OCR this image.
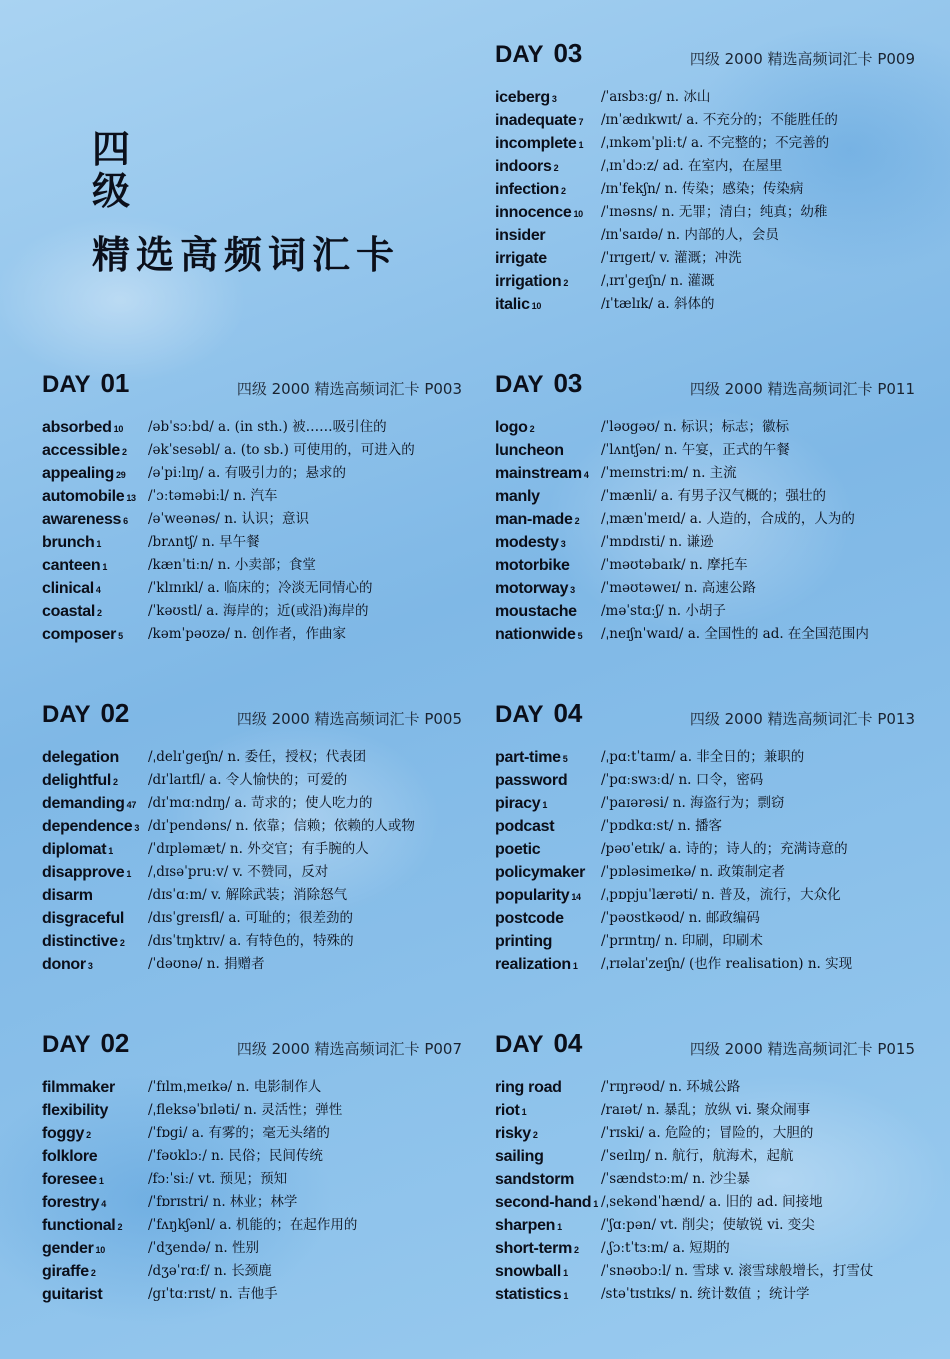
四
级
精选高频词汇卡
DAY 03	四级 2000 精选高频词汇卡 P009
iceberg 3	/ˈaɪsbɜːg/ n. 冰山
inadequate 7	/ɪnˈædɪkwɪt/ a. 不充分的；不能胜任的
incomplete 1	/ˌɪnkəmˈpliːt/ a. 不完整的；不完善的
indoors 2	/ˌɪnˈdɔːz/ ad. 在室内，在屋里
infection 2	/ɪnˈfekʃn/ n. 传染；感染；传染病
innocence 10	/ˈɪnəsns/ n. 无罪；清白；纯真；幼稚
insider	/ɪnˈsaɪdə/ n. 内部的人，会员
irrigate	/ˈɪrɪgeɪt/ v. 灌溉；冲洗
irrigation 2	/ˌɪrɪˈgeɪʃn/ n. 灌溉
italic 10	/ɪˈtælɪk/ a. 斜体的
DAY 01	四级 2000 精选高频词汇卡 P003
absorbed 10	/əbˈsɔːbd/ a. (in sth.) 被……吸引住的
accessible 2	/əkˈsesəbl/ a. (to sb.) 可使用的，可进入的
appealing 29	/əˈpiːlɪŋ/ a. 有吸引力的；悬求的
automobile 13 /ˈɔːtəməbiːl/ n. 汽车
awareness 6	/əˈweənəs/ n. 认识；意识
brunch 1	/brʌntʃ/ n. 早午餐
canteen 1	/kænˈtiːn/ n. 小卖部；食堂
clinical 4	/ˈklɪnɪkl/ a. 临床的；冷淡无同情心的
coastal 2	/ˈkəʊstl/ a. 海岸的；近(或沿)海岸的
composer 5	/kəmˈpəʊzə/ n. 创作者，作曲家
DAY 03	四级 2000 精选高频词汇卡 P011
logo 2	/ˈləʊgəʊ/ n. 标识；标志；徽标
luncheon	/ˈlʌntʃən/ n. 午宴，正式的午餐
mainstream 4 /ˈmeɪnstriːm/ n. 主流
manly	/ˈmænli/ a. 有男子汉气概的；强壮的
man-made 2	/ˌmænˈmeɪd/ a. 人造的，合成的，人为的
modesty 3	/ˈmɒdɪsti/ n. 谦逊
motorbike	/ˈməʊtəbaɪk/ n. 摩托车
motorway 3	/ˈməʊtəweɪ/ n. 高速公路
moustache	/məˈstɑːʃ/ n. 小胡子
nationwide 5	/ˌneɪʃnˈwaɪd/ a. 全国性的 ad. 在全国范围内
DAY 02	四级 2000 精选高频词汇卡 P005
delegation	/ˌdelɪˈgeɪʃn/ n. 委任，授权；代表团
delightful 2	/dɪˈlaɪtfl/ a. 令人愉快的；可爱的
demanding 47 /dɪˈmɑːndɪŋ/ a. 苛求的；使人吃力的
dependence 3 /dɪˈpendəns/ n. 依靠；信赖；依赖的人或物
diplomat 1	/ˈdɪpləmæt/ n. 外交官；有手腕的人
disapprove 1	/ˌdɪsəˈpruːv/ v. 不赞同，反对
disarm	/dɪsˈɑːm/ v. 解除武装；消除怒气
disgraceful	/dɪsˈgreɪsfl/ a. 可耻的；很差劲的
distinctive 2	/dɪsˈtɪŋktɪv/ a. 有特色的，特殊的
donor 3	/ˈdəʊnə/ n. 捐赠者
DAY 04	四级 2000 精选高频词汇卡 P013
part-time 5	/ˌpɑːtˈtaɪm/ a. 非全日的；兼职的
password	/ˈpɑːswɜːd/ n. 口令，密码
piracy 1	/ˈpaɪərəsi/ n. 海盗行为；剽窃
podcast	/ˈpɒdkɑːst/ n. 播客
poetic	/pəʊˈetɪk/ a. 诗的；诗人的；充满诗意的
policymaker	/ˈpɒləsimeɪkə/ n. 政策制定者
popularity 14	/ˌpɒpjuˈlærəti/ n. 普及，流行，大众化
postcode	/ˈpəʊstkəʊd/ n. 邮政编码
printing	/ˈprɪntɪŋ/ n. 印刷，印刷术
realization 1	/ˌrɪəlaɪˈzeɪʃn/ (也作 realisation) n. 实现
DAY 02	四级 2000 精选高频词汇卡 P007
filmmaker	/ˈfɪlmˌmeɪkə/ n. 电影制作人
flexibility	/ˌfleksəˈbɪləti/ n. 灵活性；弹性
foggy 2	/ˈfɒgi/ a. 有雾的；毫无头绪的
folklore	/ˈfəʊklɔː/ n. 民俗；民间传统
foresee 1	/fɔːˈsiː/ vt. 预见；预知
forestry 4	/ˈfɒrɪstri/ n. 林业；林学
functional 2	/ˈfʌŋkʃənl/ a. 机能的；在起作用的
gender 10	/ˈdʒendə/ n. 性别
giraffe 2	/dʒəˈrɑːf/ n. 长颈鹿
guitarist	/gɪˈtɑːrɪst/ n. 吉他手
DAY 04	四级 2000 精选高频词汇卡 P015
ring road	/ˈrɪŋrəʊd/ n. 环城公路
riot 1	/raɪət/ n. 暴乱；放纵 vi. 聚众闹事
risky 2	/ˈrɪski/ a. 危险的；冒险的，大胆的
sailing	/ˈseɪlɪŋ/ n. 航行，航海术，起航
sandstorm	/ˈsændstɔːm/ n. 沙尘暴
second-hand 1 /ˌsekəndˈhænd/ a. 旧的 ad. 间接地
sharpen 1	/ˈʃɑːpən/ vt. 削尖；使敏锐 vi. 变尖
short-term 2	/ˌʃɔːtˈtɜːm/ a. 短期的
snowball 1	/ˈsnəʊbɔːl/ n. 雪球 v. 滚雪球般增长，打雪仗
statistics 1	/stəˈtɪstɪks/ n. 统计数值 ；统计学
